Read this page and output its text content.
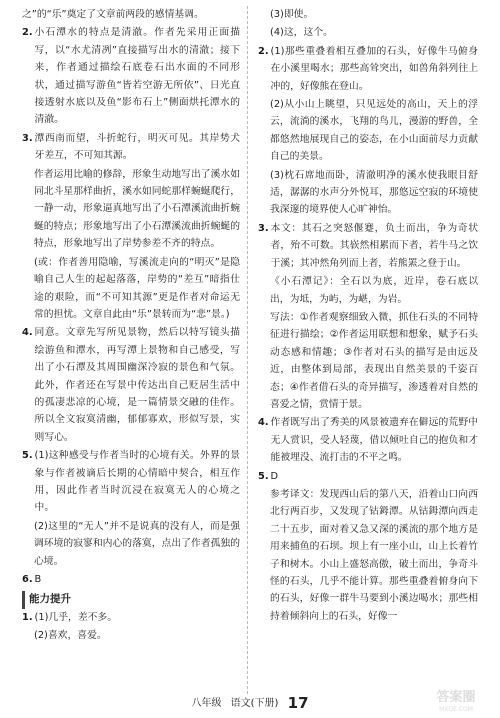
之”的“乐”奠定了文章前两段的感情基调。
2. 小石潭水的特点是清澈。作者先采用正面描写，以“水尤清冽”直接描写出水的清澈；接下来，作者通过描绘石底卷石出水面的不同形状，通过描写游鱼“皆若空游无所依”、日光直接透射水底以及鱼“影布石上”侧面烘托潭水的清澈。
3. 潭西南而望，斗折蛇行，明灭可见。其岸势犬牙差互，不可知其源。
作者运用比喻的修辞，形象生动地写出了溪水如同北斗星那样曲折，溪水如同蛇那样蜿蜒爬行，一静一动，形象逼真地写出了小石潭溪流曲折蜿蜒的特点；形象地写出了小石潭溪流曲折蜿蜒的特点，形象地写出了岸势参差不齐的特点。
(或：作者善用隐喻，写溪流走向的“明灭”是隐喻自己人生的起起落落，岸势的“差互”暗指仕途的艰险，而“不可知其源”更是作者对命运无常的担忧。文章自此由“乐”景转而为“悲”景。)
4. 同意。文章先写所见景物，然后以特写镜头描绘游鱼和潭水，再写潭上景物和自己感受，写出了小石潭及其周围幽深冷寂的景色和气氛。此外，作者还在写景中传达出自己贬居生活中的孤凄悲凉的心境，是一篇情景交融的佳作。所以全文寂寞清幽，郁郁寡欢，形似写景，实则写心。
5. (1)这种感受与作者当时的心境有关。外界的景象与作者被谪后长期的心情暗中契合，相互作用，因此作者当时沉浸在寂寞无人的心境之中。
(2)这里的“无人”并不是说真的没有人，而是强调环境的寂寥和内心的落寞，点出了作者孤独的心境。
6. B
能力提升
1. (1)几乎，差不多。
(2)喜欢，喜爱。
(3)即使。
(4)这，这个。
2. (1)那些重叠着相互叠加的石头，好像牛马俯身在小溪里喝水；那些高耸突出，如兽角斜列往上冲的，好像熊在登山。
(2)从小山上眺望，只见远处的高山，天上的浮云，流淌的溪水，飞翔的鸟儿，漫游的野兽，全都悠然地展现自己的姿态，在小山面前尽力贡献自己的美景。
(3)枕石席地而卧，清澈明净的溪水使我眼目舒适，潺潺的水声分外悦耳，那悠远空寂的环境使我深邃的境界使人心旷神怡。
3. 本文：其石之突怒偃蹇，负土而出，争为奇状者，殆不可数。其嵚然相累而下者，若牛马之饮于溪；其冲然角列而上者，若熊罴之登于山。
《小石潭记》：全石以为底，近岸，卷石底以出，为坻，为屿，为嵁，为岩。
写法：①作者观察细致入微，抓住石头的不同特征进行描绘；②作者运用联想和想象，赋予石头动态感和情趣；③作者对石头的描写是由远及近，由整体到局部，表现出自然美景的千姿百态；④作者借石头的奇异描写，渗透着对自然的喜爱之情，赏情于景。
4. 作者既写出了秀美的风景被遗弃在僻远的荒野中无人赏识，受人轻蔑，借以倾吐自己的抱负和才能被埋没、流打击的不平之鸣。
5. D
参考译文：发现西山后的第八天，沿着山口向西北行两百步，又发现了钴鉧潭。从钴鉧潭向西走二十五步，面对着又急又深的溪流的那个地方是用来捕鱼的石坝。坝上有一座小山，山上长着竹子和树木。小山上盛怒高傲，破土而出，争奇斗怪的石头，几乎不能计算。那些重叠着俯身向下的石头，好像一群牛马要到小溪边喝水；那些相持着倾斜向上的石头，好像一
八年级 语文(下册) 17	答案圈
MXQE.COM
